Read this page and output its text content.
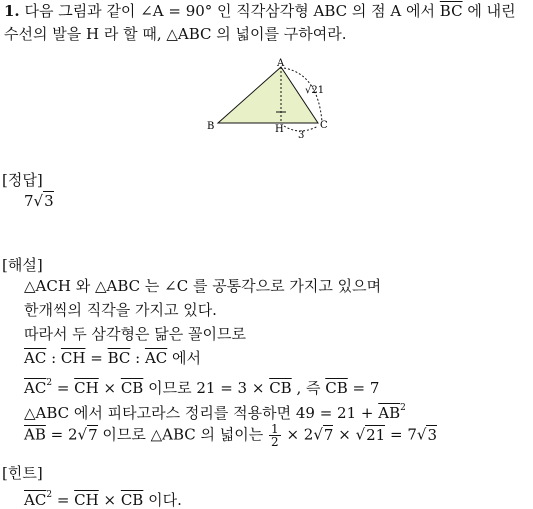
1. 다음 그림과 같이 ∠A = 90° 인 직각삼각형 ABC 의 점 A 에서 $\overline{BC}$ 에 내린
수선의 발을 H 라 할 때, △ABC 의 넓이를 구하여라.
A
B	C
H
√21
3
[정답]
7√3
[해설]
△ACH 와 △ABC 는 ∠C 를 공통각으로 가지고 있으며
한개씩의 직각을 가지고 있다.
따라서 두 삼각형은 닮은 꼴이므로
$\overline{AC}$ : $\overline{CH} = \overline{BC}$ : $\overline{AC}$ 에서
$\overline{AC}^2 = \overline{CH} \times \overline{CB}$ 이므로 $21 = 3 \times \overline{CB}$ , 즉 $\overline{CB} = 7$
△ABC 에서 피타고라스 정리를 적용하면 $49 = 21 + \overline{AB}^2$
$\overline{AB} = 2√7$ 이므로 △ABC 의 넓이는 $\frac{1}{2} \times 2√7 \times √21 = 7√3$
[힌트]
$\overline{AC}^2 = \overline{CH} \times \overline{CB}$ 이다.
